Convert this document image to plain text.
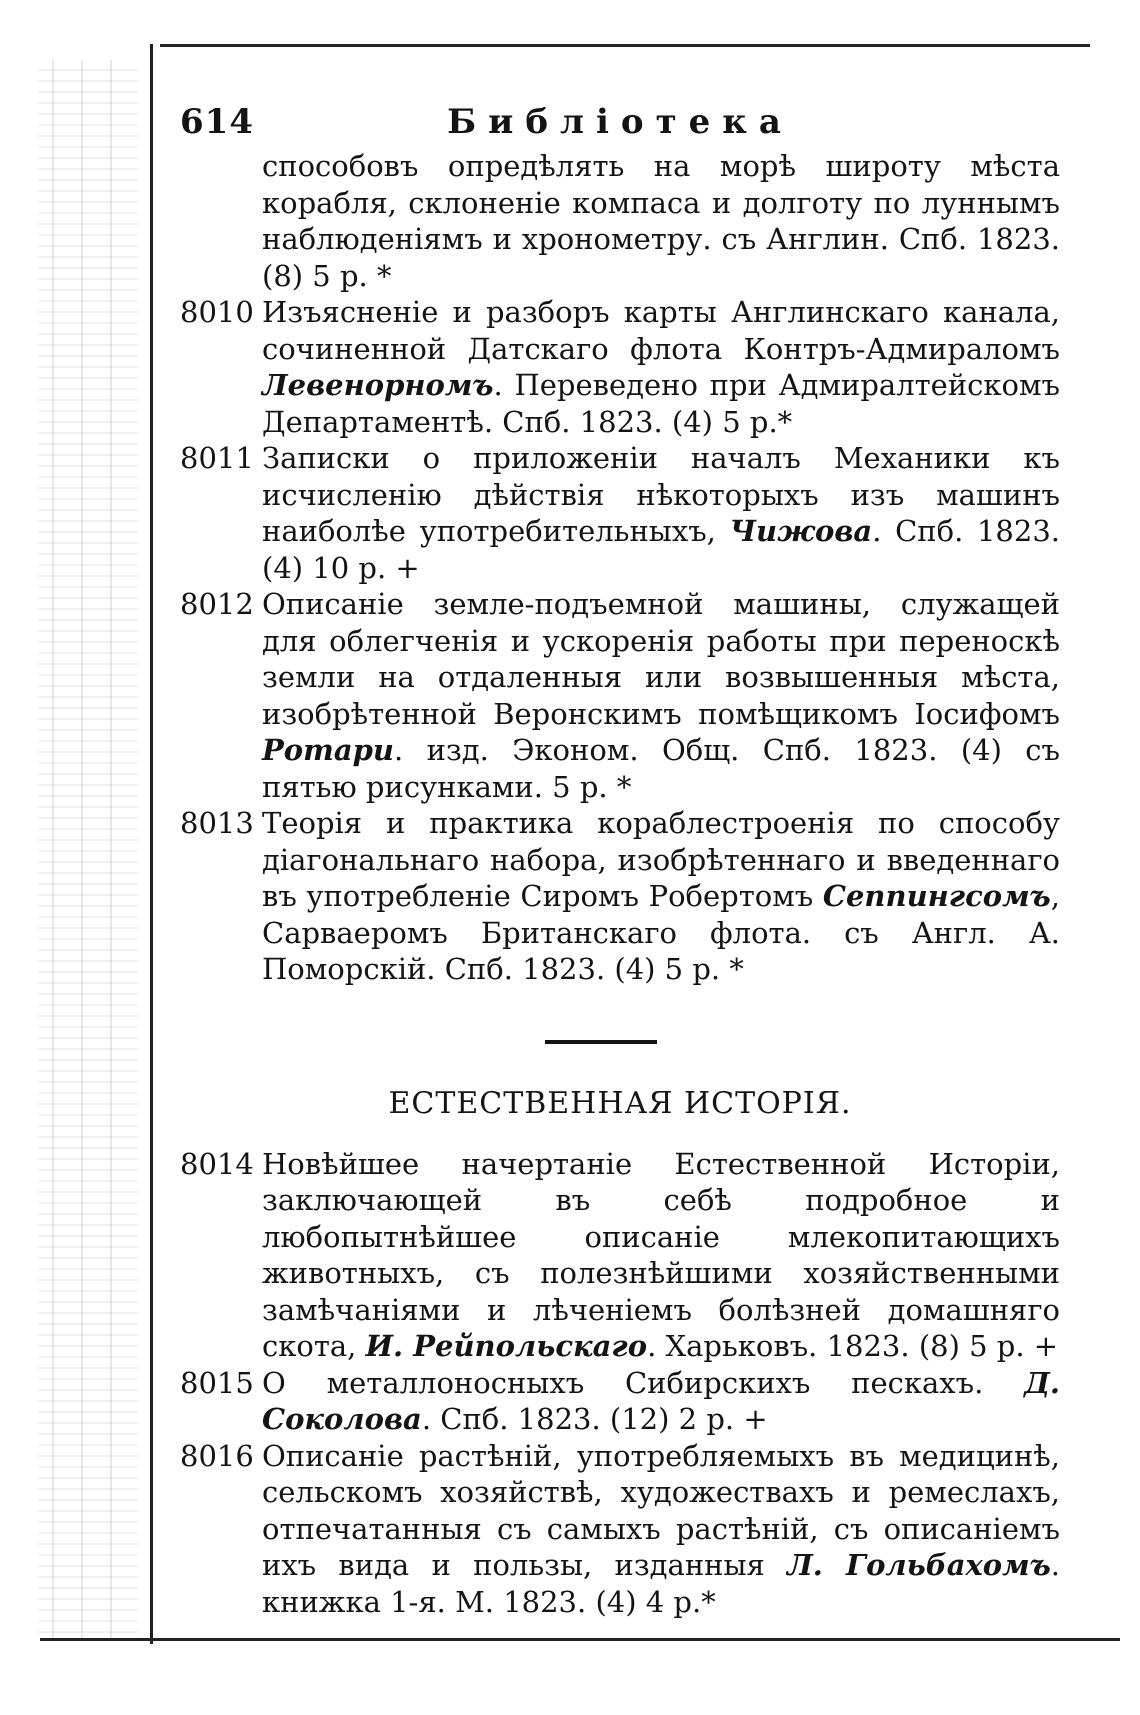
614	Библіотека
способовъ опредѣлять на морѣ широту мѣста корабля, склоненіе компаса и долготу по луннымъ наблюденіямъ и хронометру. съ Англин. Спб. 1823. (8) 5 р. *
8010 Изъясненіе и разборъ карты Англинскаго канала, сочиненной Датскаго флота Контръ-Адмираломъ Левенорномъ. Переведено при Адмиралтейскомъ Департаментѣ. Спб. 1823. (4) 5 р.*
8011 Записки о приложеніи началъ Механики къ исчисленію дѣйствія нѣкоторыхъ изъ машинъ наиболѣе употребительныхъ, Чижова. Спб. 1823. (4) 10 р. +
8012 Описаніе земле-подъемной машины, служащей для облегченія и ускоренія работы при переноскѣ земли на отдаленныя или возвышенныя мѣста, изобрѣтенной Веронскимъ помѣщикомъ Іосифомъ Ротари. изд. Эконом. Общ. Спб. 1823. (4) съ пятью рисунками. 5 р. *
8013 Теорія и практика кораблестроенія по способу діагональнаго набора, изобрѣтеннаго и введеннаго въ употребленіе Сиромъ Робертомъ Сеппингсомъ, Сарваеромъ Британскаго флота. съ Англ. А. Поморскій. Спб. 1823. (4) 5 р. *
ЕСТЕСТВЕННАЯ ИСТОРІЯ.
8014 Новѣйшее начертаніе Естественной Исторіи, заключающей въ себѣ подробное и любопытнѣйшее описаніе млекопитающихъ животныхъ, съ полезнѣйшими хозяйственными замѣчаніями и лѣченіемъ болѣзней домашняго скота, И. Рейпольскаго. Харьковъ. 1823. (8) 5 р. +
8015 О металлоносныхъ Сибирскихъ пескахъ. Д. Соколова. Спб. 1823. (12) 2 р. +
8016 Описаніе растѣній, употребляемыхъ въ медицинѣ, сельскомъ хозяйствѣ, художествахъ и ремеслахъ, отпечатанныя съ самыхъ растѣній, съ описаніемъ ихъ вида и пользы, изданныя Л. Гольбахомъ. книжка 1-я. М. 1823. (4) 4 р.*
